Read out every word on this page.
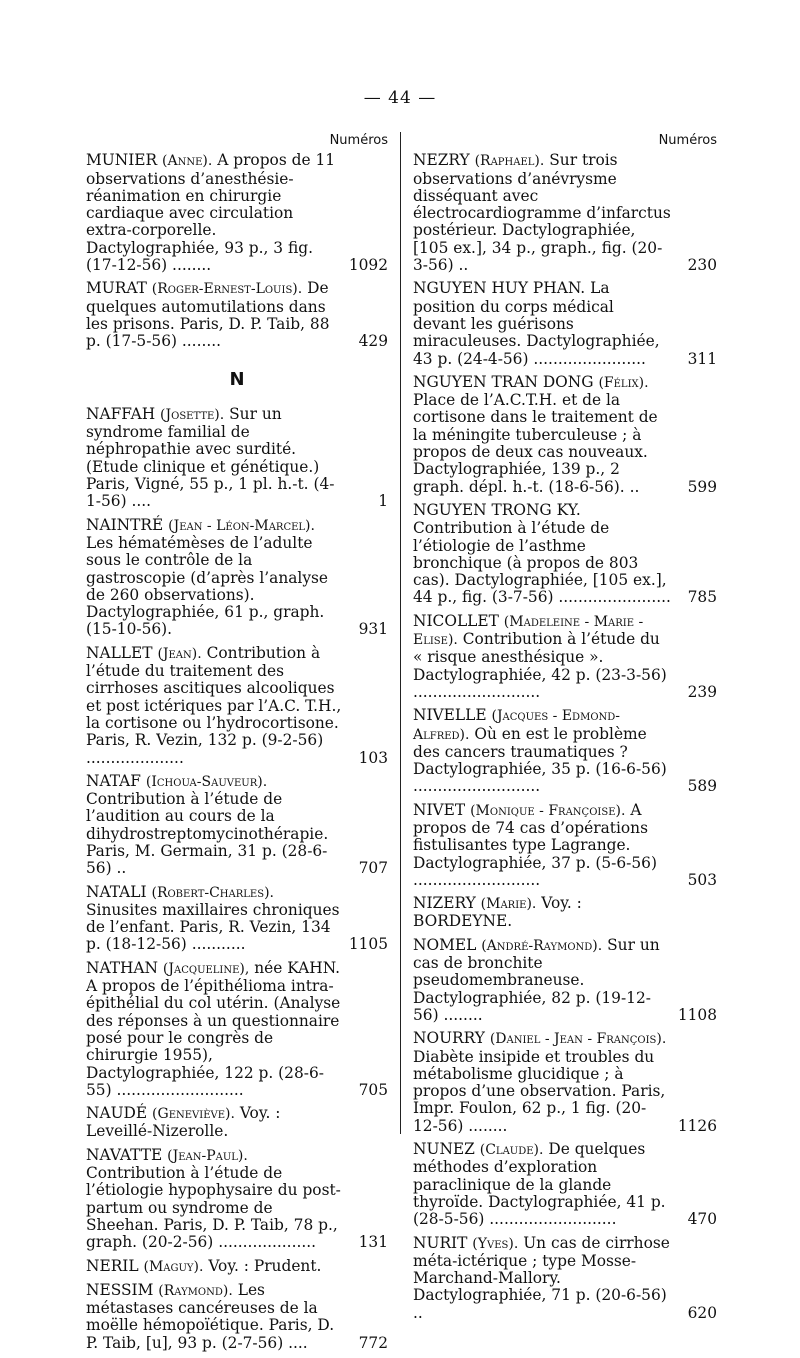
— 44 —
Numéros
MUNIER (Anne). A propos de 11 observations d’anesthésie-réanimation en chirurgie cardiaque avec circulation extra-corporelle. Dactylographiée, 93 p., 3 fig. (17-12-56) ........	1092
MURAT (Roger-Ernest-Louis). De quelques automutilations dans les prisons. Paris, D. P. Taib, 88 p. (17-5-56) ........	429
N
NAFFAH (Josette). Sur un syndrome familial de néphropathie avec surdité. (Etude clinique et génétique.) Paris, Vigné, 55 p., 1 pl. h.-t. (4-1-56) ....	1
NAINTRÉ (Jean - Léon-Marcel). Les hématémèses de l’adulte sous le contrôle de la gastroscopie (d’après l’analyse de 260 observations). Dactylographiée, 61 p., graph. (15-10-56).	931
NALLET (Jean). Contribution à l’étude du traitement des cirrhoses ascitiques alcooliques et post ictériques par l’A.C. T.H., la cortisone ou l’hydrocortisone. Paris, R. Vezin, 132 p. (9-2-56) ....................	103
NATAF (Ichoua-Sauveur). Contribution à l’étude de l’audition au cours de la dihydrostreptomycinothérapie. Paris, M. Germain, 31 p. (28-6-56) ..	707
NATALI (Robert-Charles). Sinusites maxillaires chroniques de l’enfant. Paris, R. Vezin, 134 p. (18-12-56) ...........	1105
NATHAN (Jacqueline), née KAHN. A propos de l’épithélioma intra-épithélial du col utérin. (Analyse des réponses à un questionnaire posé pour le congrès de chirurgie 1955), Dactylographiée, 122 p. (28-6-55) ..........................	705
NAUDÉ (Geneviève). Voy. : Leveillé-Nizerolle.
NAVATTE (Jean-Paul). Contribution à l’étude de l’étiologie hypophysaire du post-partum ou syndrome de Sheehan. Paris, D. P. Taib, 78 p., graph. (20-2-56) ....................	131
NERIL (Maguy). Voy. : Prudent.
NESSIM (Raymond). Les métastases cancéreuses de la moëlle hémopoïétique. Paris, D. P. Taib, [u], 93 p. (2-7-56) ....	772
Numéros
NEZRY (Raphael). Sur trois observations d’anévrysme disséquant avec électrocardiogramme d’infarctus postérieur. Dactylographiée, [105 ex.], 34 p., graph., fig. (20-3-56) ..	230
NGUYEN HUY PHAN. La position du corps médical devant les guérisons miraculeuses. Dactylographiée, 43 p. (24-4-56) .......................	311
NGUYEN TRAN DONG (Félix). Place de l’A.C.T.H. et de la cortisone dans le traitement de la méningite tuberculeuse ; à propos de deux cas nouveaux. Dactylographiée, 139 p., 2 graph. dépl. h.-t. (18-6-56). ..	599
NGUYEN TRONG KY. Contribution à l’étude de l’étiologie de l’asthme bronchique (à propos de 803 cas). Dactylographiée, [105 ex.], 44 p., fig. (3-7-56) ....................... 785
NICOLLET (Madeleine - Marie - Elise). Contribution à l’étude du « risque anesthésique ». Dactylographiée, 42 p. (23-3-56) ..........................	239
NIVELLE (Jacques - Edmond-Alfred). Où en est le problème des cancers traumatiques ? Dactylographiée, 35 p. (16-6-56) ..........................	589
NIVET (Monique - Françoise). A propos de 74 cas d’opérations fistulisantes type Lagrange. Dactylographiée, 37 p. (5-6-56) ..........................	503
NIZERY (Marie). Voy. : BORDEYNE.
NOMEL (André-Raymond). Sur un cas de bronchite pseudomembraneuse. Dactylographiée, 82 p. (19-12-56) ........	1108
NOURRY (Daniel - Jean - François). Diabète insipide et troubles du métabolisme glucidique ; à propos d’une observation. Paris, Impr. Foulon, 62 p., 1 fig. (20-12-56) ........	1126
NUNEZ (Claude). De quelques méthodes d’exploration paraclinique de la glande thyroïde. Dactylographiée, 41 p. (28-5-56) ..........................	470
NURIT (Yves). Un cas de cirrhose méta-ictérique ; type Mosse-Marchand-Mallory. Dactylographiée, 71 p. (20-6-56) ..	620
